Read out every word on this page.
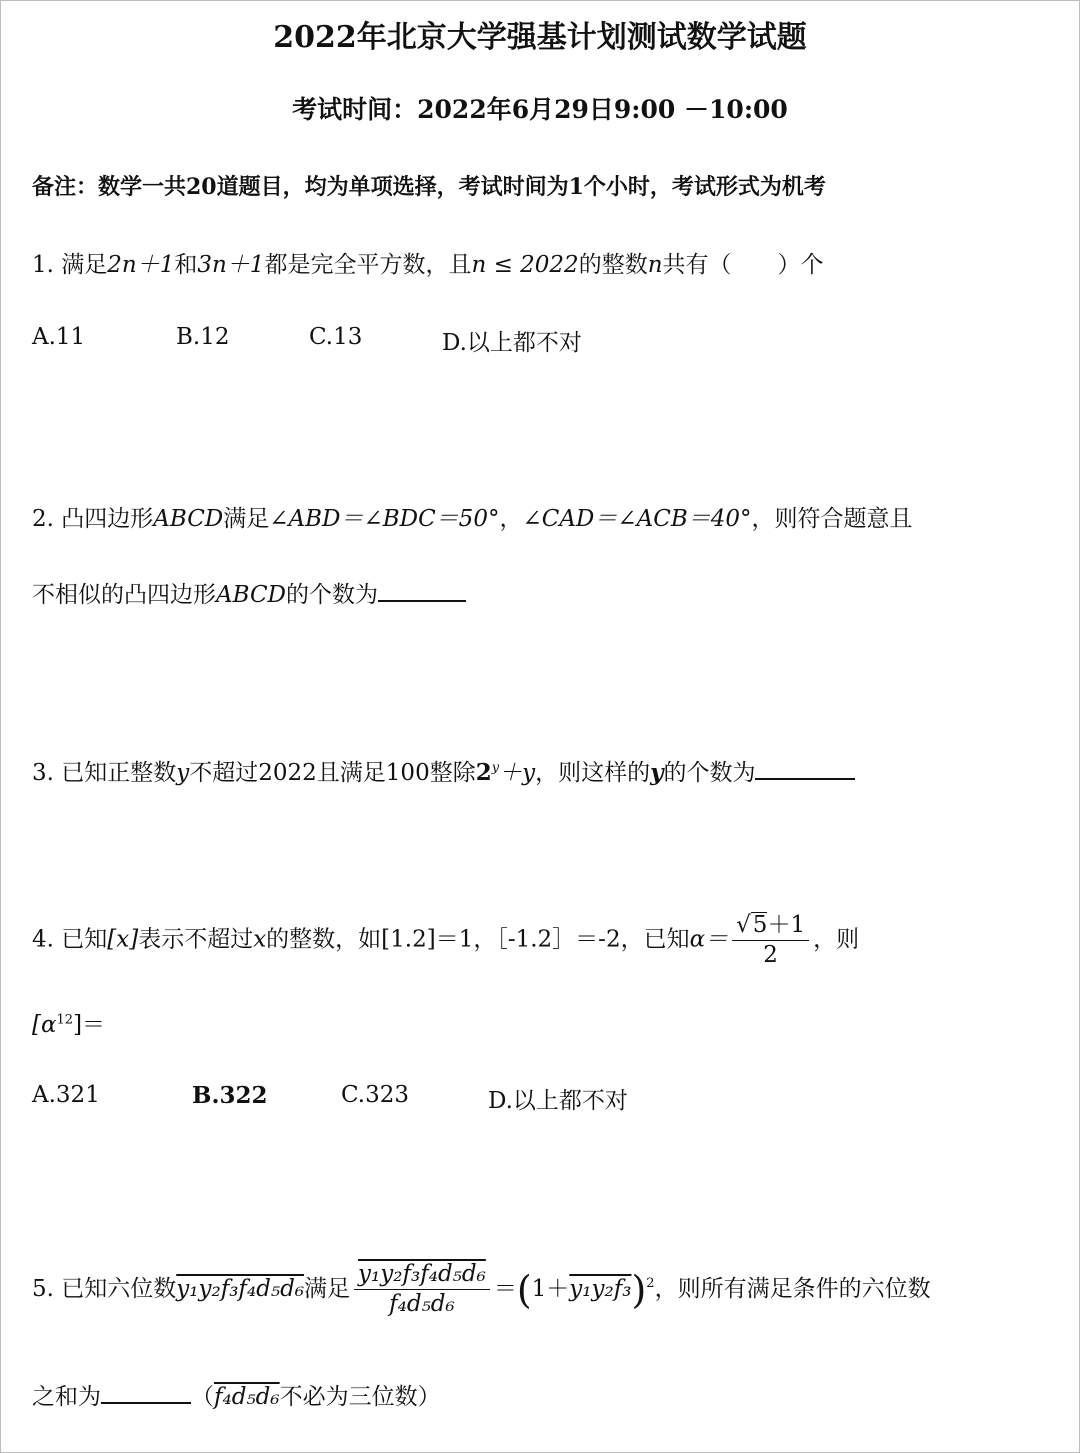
2022年北京大学强基计划测试数学试题
考试时间：2022年6月29日9:00 －10:00
备注：数学一共20道题目，均为单项选择，考试时间为1个小时，考试形式为机考
1. 满足2n＋1和3n＋1都是完全平方数，且n ≤ 2022的整数n共有（　　）个
A.11	B.12	C.13	D.以上都不对
2. 凸四边形ABCD满足∠ABD＝∠BDC＝50°，∠CAD＝∠ACB＝40°，则符合题意且
不相似的凸四边形ABCD的个数为
3. 已知正整数y不超过2022且满足100整除$2^y+y$，则这样的y的个数为
4. 已知[x]表示不超过x的整数，如[1.2]＝1，［-1.2］＝-2，已知$\alpha= \frac{√5+1}{2}$ ，则
$[\alpha^{12}]=$
A.321	B.322	C.323	D.以上都不对
5. 已知六位数y₁y₂f₃f₄d₅d₆满足 $\frac{\text{y₁y₂f₃f₄d₅d₆}}{\text{f₄d₅d₆}} =(1+y_1y_2f_3)^2$，则所有满足条件的六位数
之和为	（f₄d₅d₆不必为三位数）
